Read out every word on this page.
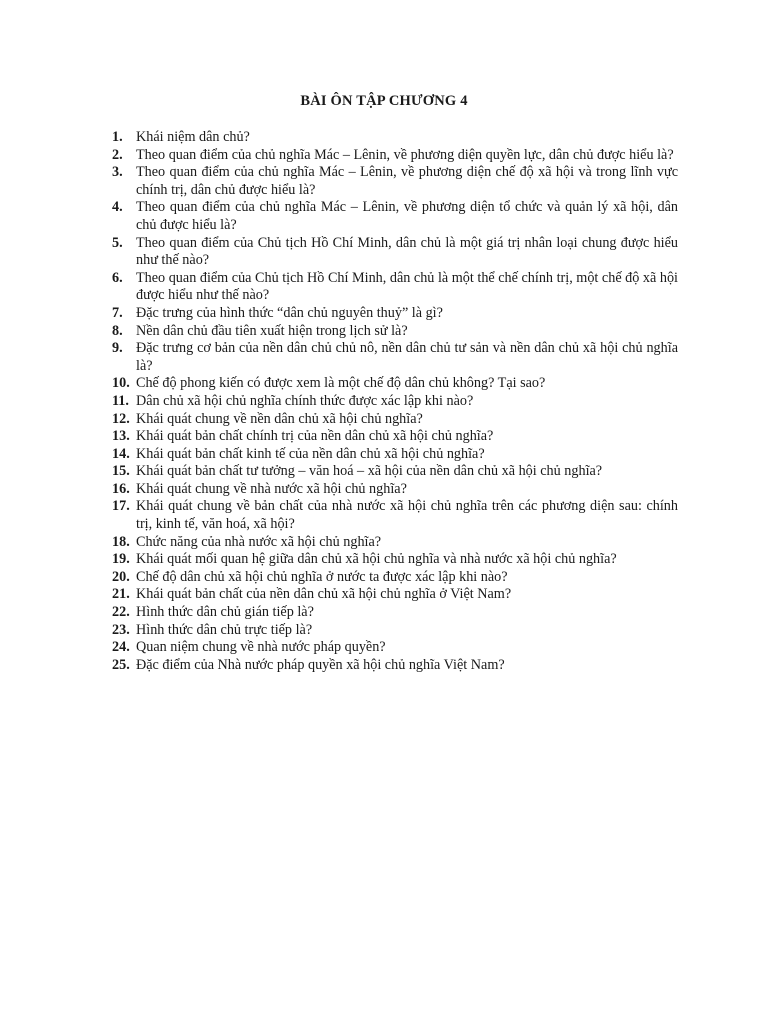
BÀI ÔN TẬP CHƯƠNG 4
1. Khái niệm dân chủ?
2. Theo quan điểm của chủ nghĩa Mác – Lênin, về phương diện quyền lực, dân chủ được hiểu là?
3. Theo quan điểm của chủ nghĩa Mác – Lênin, về phương diện chế độ xã hội và trong lĩnh vực chính trị, dân chủ được hiểu là?
4. Theo quan điểm của chủ nghĩa Mác – Lênin, về phương diện tổ chức và quản lý xã hội, dân chủ được hiểu là?
5. Theo quan điểm của Chủ tịch Hồ Chí Minh, dân chủ là một giá trị nhân loại chung được hiểu như thế nào?
6. Theo quan điểm của Chủ tịch Hồ Chí Minh, dân chủ là một thể chế chính trị, một chế độ xã hội được hiểu như thế nào?
7. Đặc trưng của hình thức “dân chủ nguyên thuỷ” là gì?
8. Nền dân chủ đầu tiên xuất hiện trong lịch sử là?
9. Đặc trưng cơ bản của nền dân chủ chủ nô, nền dân chủ tư sản và nền dân chủ xã hội chủ nghĩa là?
10. Chế độ phong kiến có được xem là một chế độ dân chủ không? Tại sao?
11. Dân chủ xã hội chủ nghĩa chính thức được xác lập khi nào?
12. Khái quát chung về nền dân chủ xã hội chủ nghĩa?
13. Khái quát bản chất chính trị của nền dân chủ xã hội chủ nghĩa?
14. Khái quát bản chất kinh tế của nền dân chủ xã hội chủ nghĩa?
15. Khái quát bản chất tư tưởng – văn hoá – xã hội của nền dân chủ xã hội chủ nghĩa?
16. Khái quát chung về nhà nước xã hội chủ nghĩa?
17. Khái quát chung về bản chất của nhà nước xã hội chủ nghĩa trên các phương diện sau: chính trị, kinh tế, văn hoá, xã hội?
18. Chức năng của nhà nước xã hội chủ nghĩa?
19. Khái quát mối quan hệ giữa dân chủ xã hội chủ nghĩa và nhà nước xã hội chủ nghĩa?
20. Chế độ dân chủ xã hội chủ nghĩa ở nước ta được xác lập khi nào?
21. Khái quát bản chất của nền dân chủ xã hội chủ nghĩa ở Việt Nam?
22. Hình thức dân chủ gián tiếp là?
23. Hình thức dân chủ trực tiếp là?
24. Quan niệm chung về nhà nước pháp quyền?
25. Đặc điểm của Nhà nước pháp quyền xã hội chủ nghĩa Việt Nam?
